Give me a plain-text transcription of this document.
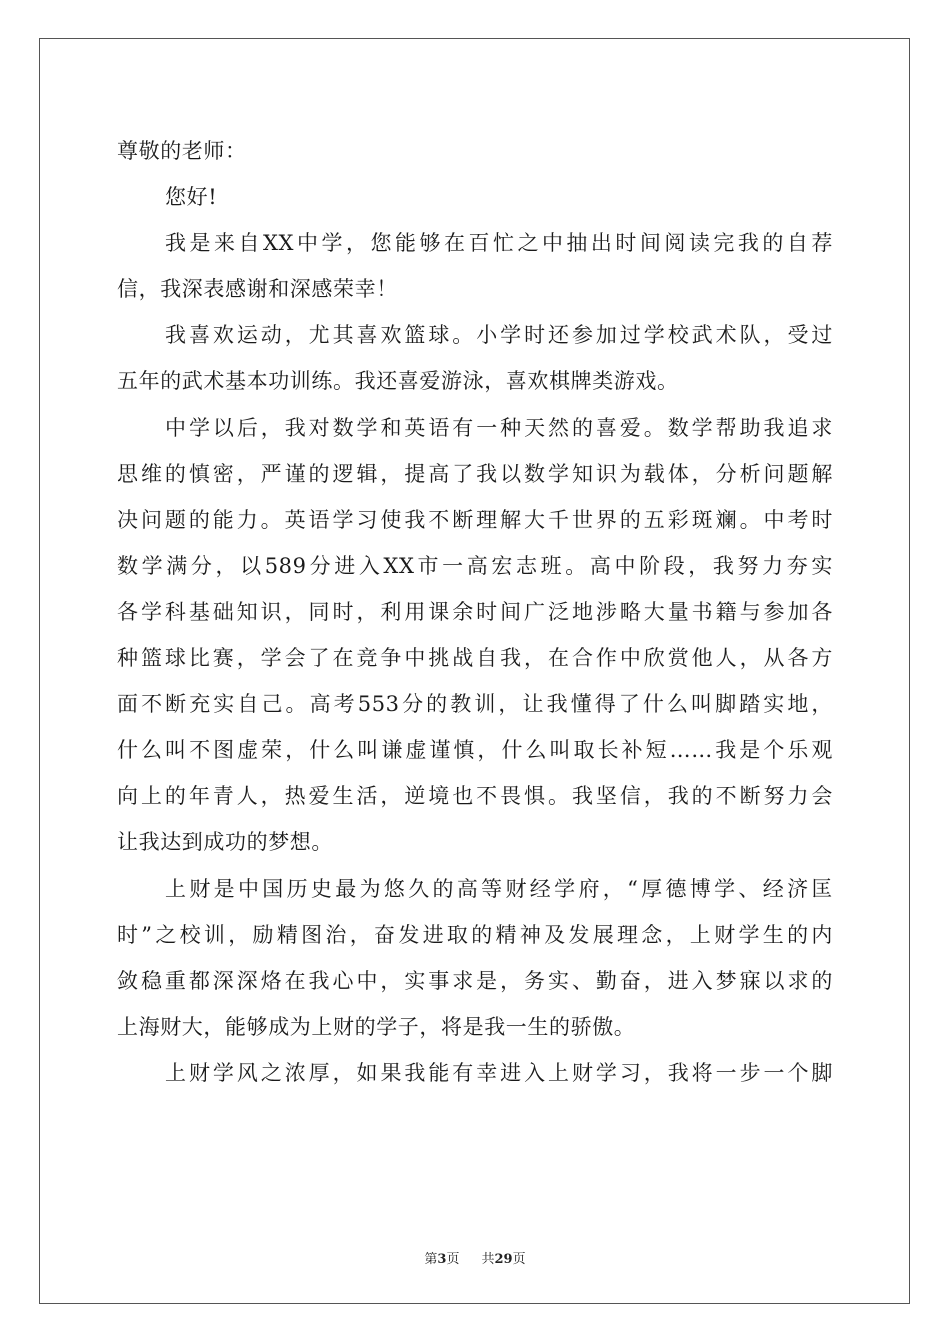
尊敬的老师：
您好!
我是来自XX中学，您能够在百忙之中抽出时间阅读完我的自荐
信，我深表感谢和深感荣幸！
我喜欢运动，尤其喜欢篮球。小学时还参加过学校武术队，受过
五年的武术基本功训练。我还喜爱游泳，喜欢棋牌类游戏。
中学以后，我对数学和英语有一种天然的喜爱。数学帮助我追求
思维的慎密，严谨的逻辑，提高了我以数学知识为载体，分析问题解
决问题的能力。英语学习使我不断理解大千世界的五彩斑斓。中考时
数学满分，以589分进入XX市一高宏志班。高中阶段，我努力夯实
各学科基础知识，同时，利用课余时间广泛地涉略大量书籍与参加各
种篮球比赛，学会了在竞争中挑战自我，在合作中欣赏他人，从各方
面不断充实自己。高考553分的教训，让我懂得了什么叫脚踏实地，
什么叫不图虚荣，什么叫谦虚谨慎，什么叫取长补短……我是个乐观
向上的年青人，热爱生活，逆境也不畏惧。我坚信，我的不断努力会
让我达到成功的梦想。
上财是中国历史最为悠久的高等财经学府，“厚德博学、经济匡
时”之校训，励精图治，奋发进取的精神及发展理念，上财学生的内
敛稳重都深深烙在我心中，实事求是，务实、勤奋，进入梦寐以求的
上海财大，能够成为上财的学子，将是我一生的骄傲。
上财学风之浓厚，如果我能有幸进入上财学习，我将一步一个脚
第3页 共29页
